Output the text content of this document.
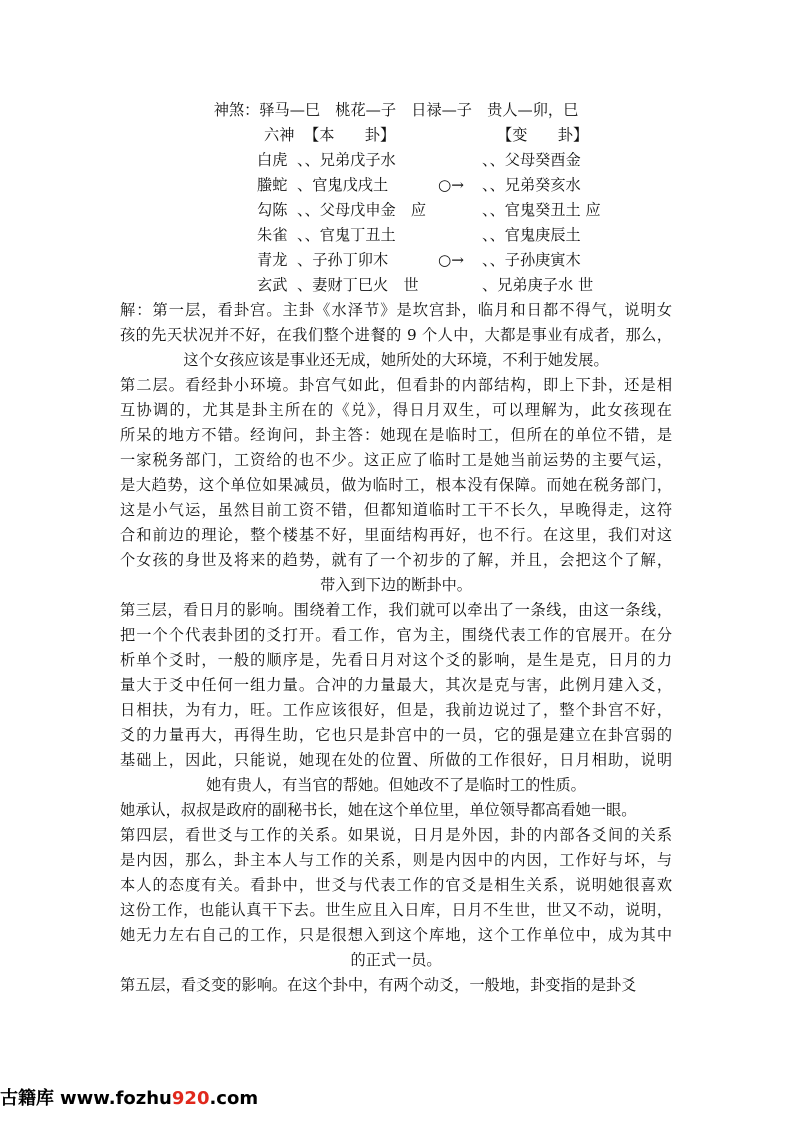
神煞：驿马—巳　桃花—子　日禄—子　贵人—卯，巳
六神 【本　　卦】	【变　　卦】
白虎 、、兄弟戊子水	、、父母癸酉金
螣蛇 、官鬼戊戌土	○→ 、、兄弟癸亥水
勾陈 、、父母戊申金　应	、、官鬼癸丑土 应
朱雀 、、官鬼丁丑土	、、官鬼庚辰土
青龙 、子孙丁卯木	○→ 、、子孙庚寅木
玄武 、妻财丁巳火　世	、兄弟庚子水 世
解：第一层，看卦宫。主卦《水泽节》是坎宫卦，临月和日都不得气，说明女
孩的先天状况并不好，在我们整个进餐的 9 个人中，大都是事业有成者，那么，
这个女孩应该是事业还无成，她所处的大环境，不利于她发展。
第二层。看经卦小环境。卦宫气如此，但看卦的内部结构，即上下卦，还是相
互协调的，尤其是卦主所在的《兑》，得日月双生，可以理解为，此女孩现在
所呆的地方不错。经询问，卦主答：她现在是临时工，但所在的单位不错，是
一家税务部门，工资给的也不少。这正应了临时工是她当前运势的主要气运，
是大趋势，这个单位如果减员，做为临时工，根本没有保障。而她在税务部门，
这是小气运，虽然目前工资不错，但都知道临时工干不长久，早晚得走，这符
合和前边的理论，整个楼基不好，里面结构再好，也不行。在这里，我们对这
个女孩的身世及将来的趋势，就有了一个初步的了解，并且，会把这个了解，
带入到下边的断卦中。
第三层，看日月的影响。围绕着工作，我们就可以牵出了一条线，由这一条线，
把一个个代表卦团的爻打开。看工作，官为主，围绕代表工作的官展开。在分
析单个爻时，一般的顺序是，先看日月对这个爻的影响，是生是克，日月的力
量大于爻中任何一组力量。合冲的力量最大，其次是克与害，此例月建入爻，
日相扶，为有力，旺。工作应该很好，但是，我前边说过了，整个卦宫不好，
爻的力量再大，再得生助，它也只是卦宫中的一员，它的强是建立在卦宫弱的
基础上，因此，只能说，她现在处的位置、所做的工作很好，日月相助，说明
她有贵人，有当官的帮她。但她改不了是临时工的性质。
她承认，叔叔是政府的副秘书长，她在这个单位里，单位领导都高看她一眼。
第四层，看世爻与工作的关系。如果说，日月是外因，卦的内部各爻间的关系
是内因，那么，卦主本人与工作的关系，则是内因中的内因，工作好与坏，与
本人的态度有关。看卦中，世爻与代表工作的官爻是相生关系，说明她很喜欢
这份工作，也能认真干下去。世生应且入日库，日月不生世，世又不动，说明，
她无力左右自己的工作，只是很想入到这个库地，这个工作单位中，成为其中
的正式一员。
第五层，看爻变的影响。在这个卦中，有两个动爻，一般地，卦变指的是卦爻
古籍库 www.fozhu920.com
